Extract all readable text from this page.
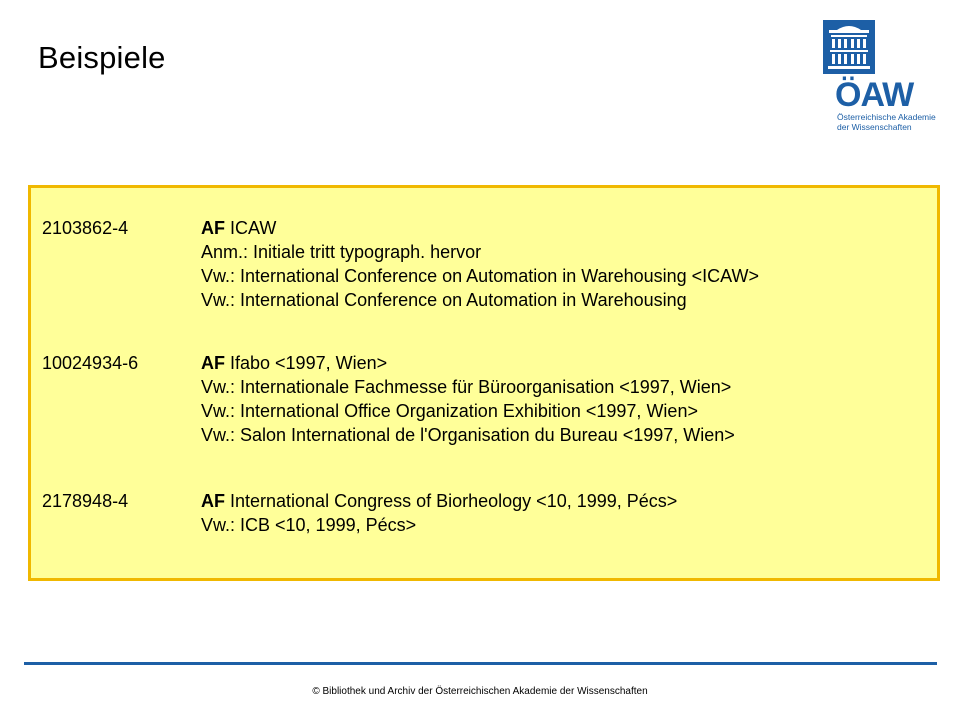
Beispiele
ÖAW
Österreichische Akademie
der Wissenschaften
2103862-4	AF ICAW
Anm.: Initiale tritt typograph. hervor
Vw.: International Conference on Automation in Warehousing <ICAW>
Vw.: International Conference on Automation in Warehousing
10024934-6	AF Ifabo <1997, Wien>
Vw.: Internationale Fachmesse für Büroorganisation <1997, Wien>
Vw.: International Office Organization Exhibition <1997, Wien>
Vw.: Salon International de l'Organisation du Bureau <1997, Wien>
2178948-4	AF International Congress of Biorheology <10, 1999, Pécs>
Vw.: ICB <10, 1999, Pécs>
© Bibliothek und Archiv der Österreichischen Akademie der Wissenschaften
